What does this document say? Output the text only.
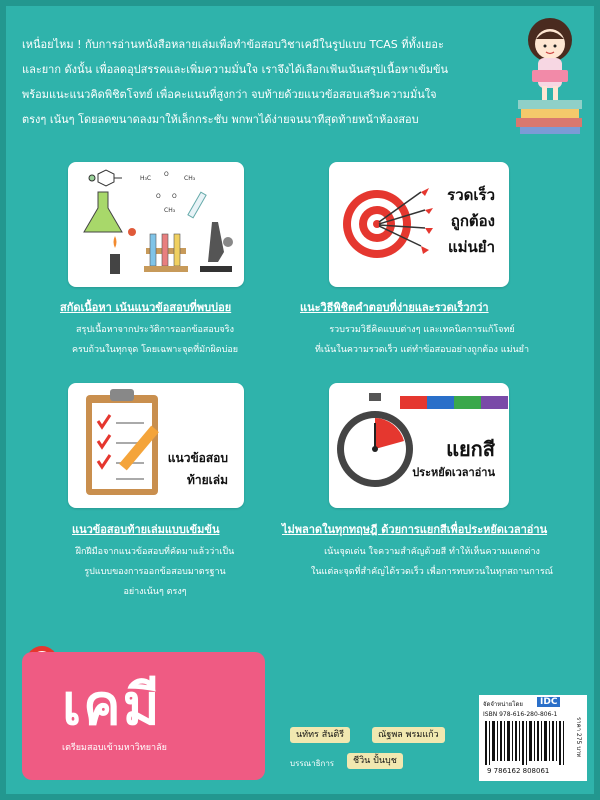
เหนื่อยไหม ! กับการอ่านหนังสือหลายเล่มเพื่อทำข้อสอบวิชาเคมีในรูปแบบ TCAS ที่ทั้งเยอะ
และยาก ดังนั้น เพื่อลดอุปสรรคและเพิ่มความมั่นใจ เราจึงได้เลือกเฟ้นเน้นสรุปเนื้อหาเข้มข้น
พร้อมแนะแนวคิดพิชิตโจทย์ เพื่อคะแนนที่สูงกว่า จบท้ายด้วยแนวข้อสอบเสริมความมั่นใจ
ตรงๆ เน้นๆ โดยลดขนาดลงมาให้เล็กกระชับ พกพาได้ง่ายจนนาทีสุดท้ายหน้าห้องสอบ
H₃C
O
CH₃
O O
CH₃
รวดเร็ว
ถูกต้อง
แม่นยำ
แนวข้อสอบ
ท้ายเล่ม
แยกสี
ประหยัดเวลาอ่าน
สกัดเนื้อหา เน้นแนวข้อสอบที่พบบ่อย
สรุปเนื้อหาจากประวัติการออกข้อสอบจริง
ครบถ้วนในทุกจุด โดยเฉพาะจุดที่มักผิดบ่อย
แนะวิธีพิชิตคำตอบที่ง่ายและรวดเร็วกว่า
รวบรวมวิธีคิดแบบต่างๆ และเทคนิคการแก้โจทย์
ที่เน้นในความรวดเร็ว แต่ทำข้อสอบอย่างถูกต้อง แม่นยำ
แนวข้อสอบท้ายเล่มแบบเข้มข้น
ฝึกฝีมือจากแนวข้อสอบที่คัดมาแล้วว่าเป็น
รูปแบบของการออกข้อสอบมาตรฐาน
อย่างเน้นๆ ตรงๆ
ไม่พลาดในทุกทฤษฎี ด้วยการแยกสีเพื่อประหยัดเวลาอ่าน
เน้นจุดเด่น ใจความสำคัญด้วยสี ทำให้เห็นความแตกต่าง
ในแต่ละจุดที่สำคัญได้รวดเร็ว เพื่อการทบทวนในทุกสถานการณ์
เคมี
เตรียมสอบเข้ามหาวิทยาลัย
นทัทร สันติรี	ณัฐพล พรมแก้ว
บรรณาธิการ	ชีวิน ปั้นบุช
จัดจำหน่ายโดย	IDC
ISBN 978-616-280-806-1
9 786162 808061
ราคา 275 บาท
